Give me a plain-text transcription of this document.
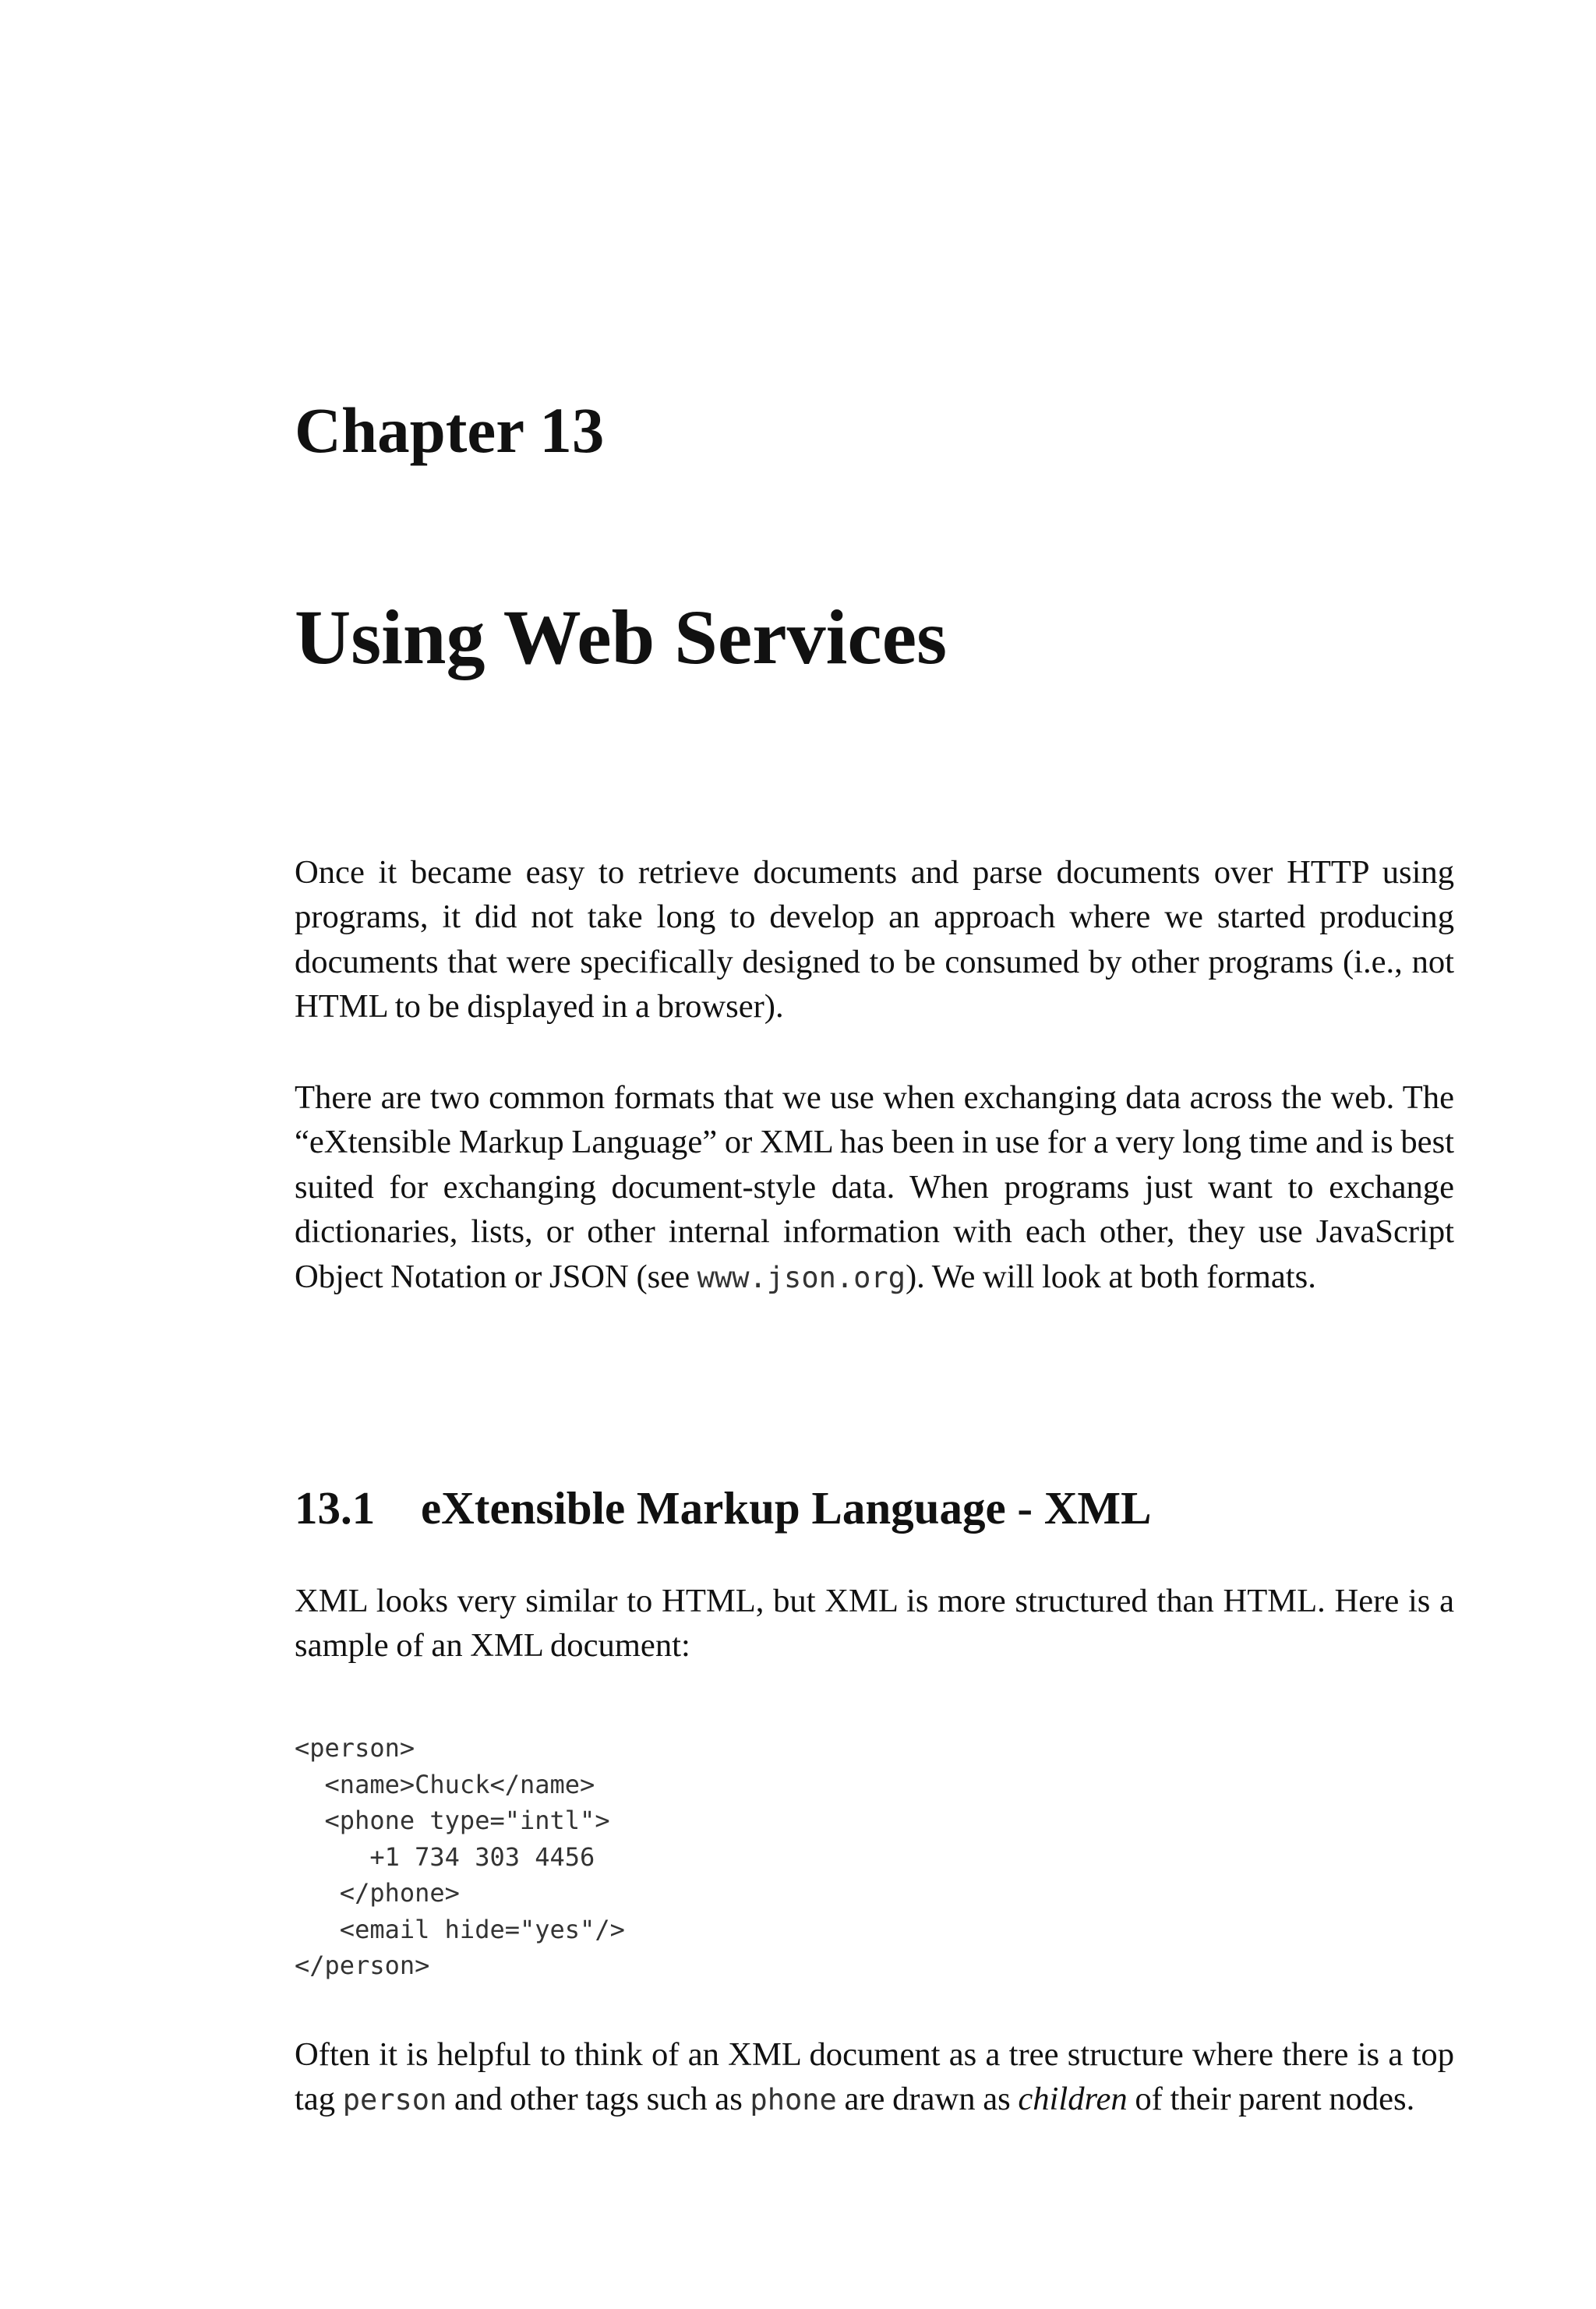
Chapter 13
Using Web Services

Once it became easy to retrieve documents and parse documents over HTTP using programs, it did not take long to develop an approach where we started producing documents that were specifically designed to be consumed by other programs (i.e., not HTML to be displayed in a browser).

There are two common formats that we use when exchanging data across the web. The “eXtensible Markup Language” or XML has been in use for a very long time and is best suited for exchanging document-style data. When programs just want to exchange dictionaries, lists, or other internal information with each other, they use JavaScript Object Notation or JSON (see www.json.org). We will look at both formats.

13.1 eXtensible Markup Language - XML

XML looks very similar to HTML, but XML is more structured than HTML. Here is a sample of an XML document:

<person>
<name>Chuck</name>
<phone type="intl">
+1 734 303 4456
</phone>
<email hide="yes"/>
</person>

Often it is helpful to think of an XML document as a tree structure where there is a top tag person and other tags such as phone are drawn as children of their parent nodes.
